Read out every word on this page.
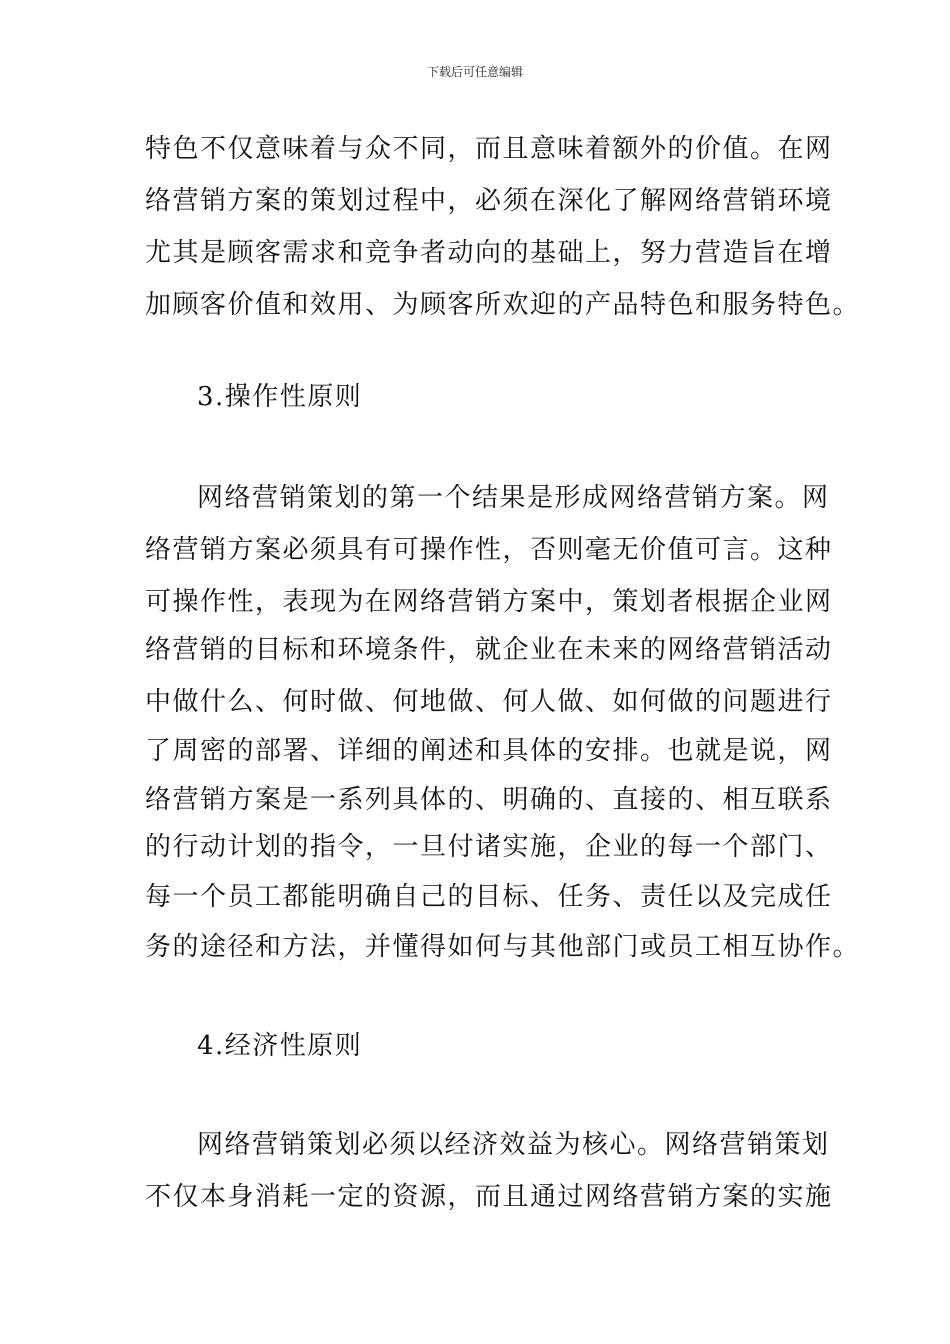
下载后可任意编辑
特色不仅意味着与众不同，而且意味着额外的价值。在网
络营销方案的策划过程中，必须在深化了解网络营销环境
尤其是顾客需求和竞争者动向的基础上，努力营造旨在增
加顾客价值和效用、为顾客所欢迎的产品特色和服务特色。
3.操作性原则
网络营销策划的第一个结果是形成网络营销方案。网
络营销方案必须具有可操作性，否则毫无价值可言。这种
可操作性，表现为在网络营销方案中，策划者根据企业网
络营销的目标和环境条件，就企业在未来的网络营销活动
中做什么、何时做、何地做、何人做、如何做的问题进行
了周密的部署、详细的阐述和具体的安排。也就是说，网
络营销方案是一系列具体的、明确的、直接的、相互联系
的行动计划的指令，一旦付诸实施，企业的每一个部门、
每一个员工都能明确自己的目标、任务、责任以及完成任
务的途径和方法，并懂得如何与其他部门或员工相互协作。
4.经济性原则
网络营销策划必须以经济效益为核心。网络营销策划
不仅本身消耗一定的资源，而且通过网络营销方案的实施
